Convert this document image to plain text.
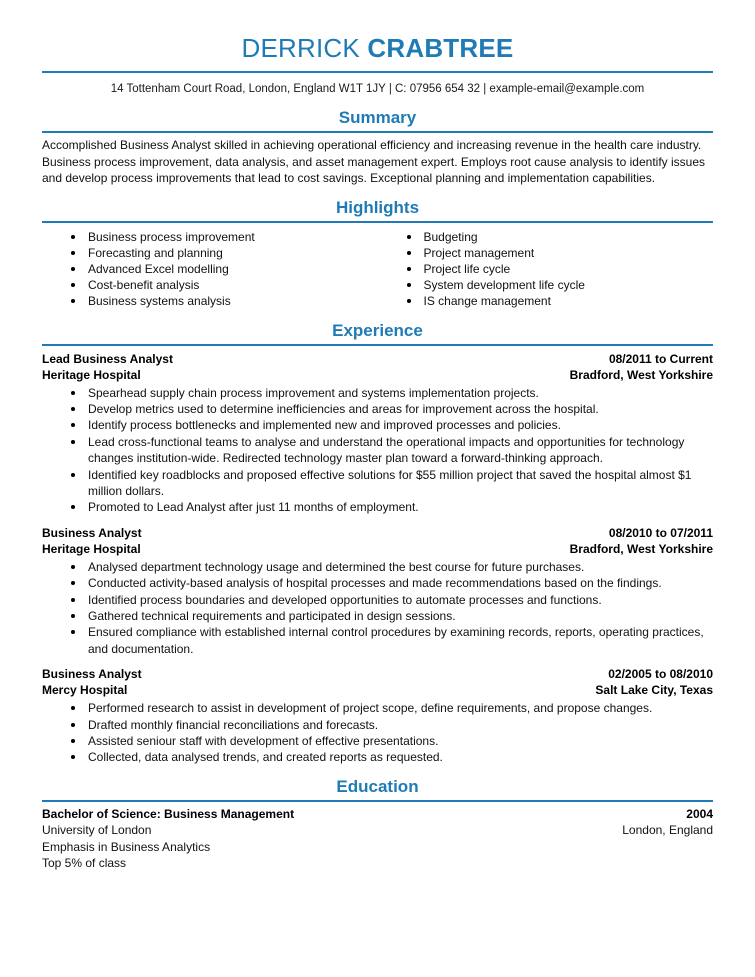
DERRICK CRABTREE
14 Tottenham Court Road, London, England W1T 1JY | C: 07956 654 32 | example-email@example.com
Summary
Accomplished Business Analyst skilled in achieving operational efficiency and increasing revenue in the health care industry. Business process improvement, data analysis, and asset management expert. Employs root cause analysis to identify issues and develop process improvements that lead to cost savings. Exceptional planning and implementation capabilities.
Highlights
Business process improvement
Forecasting and planning
Advanced Excel modelling
Cost-benefit analysis
Business systems analysis
Budgeting
Project management
Project life cycle
System development life cycle
IS change management
Experience
Lead Business Analyst	08/2011 to Current
Heritage Hospital	Bradford, West Yorkshire
Spearhead supply chain process improvement and systems implementation projects.
Develop metrics used to determine inefficiencies and areas for improvement across the hospital.
Identify process bottlenecks and implemented new and improved processes and policies.
Lead cross-functional teams to analyse and understand the operational impacts and opportunities for technology changes institution-wide. Redirected technology master plan toward a forward-thinking approach.
Identified key roadblocks and proposed effective solutions for $55 million project that saved the hospital almost $1 million dollars.
Promoted to Lead Analyst after just 11 months of employment.
Business Analyst	08/2010 to 07/2011
Heritage Hospital	Bradford, West Yorkshire
Analysed department technology usage and determined the best course for future purchases.
Conducted activity-based analysis of hospital processes and made recommendations based on the findings.
Identified process boundaries and developed opportunities to automate processes and functions.
Gathered technical requirements and participated in design sessions.
Ensured compliance with established internal control procedures by examining records, reports, operating practices, and documentation.
Business Analyst	02/2005 to 08/2010
Mercy Hospital	Salt Lake City, Texas
Performed research to assist in development of project scope, define requirements, and propose changes.
Drafted monthly financial reconciliations and forecasts.
Assisted seniour staff with development of effective presentations.
Collected, data analysed trends, and created reports as requested.
Education
Bachelor of Science: Business Management	2004
University of London	London, England
Emphasis in Business Analytics
Top 5% of class
